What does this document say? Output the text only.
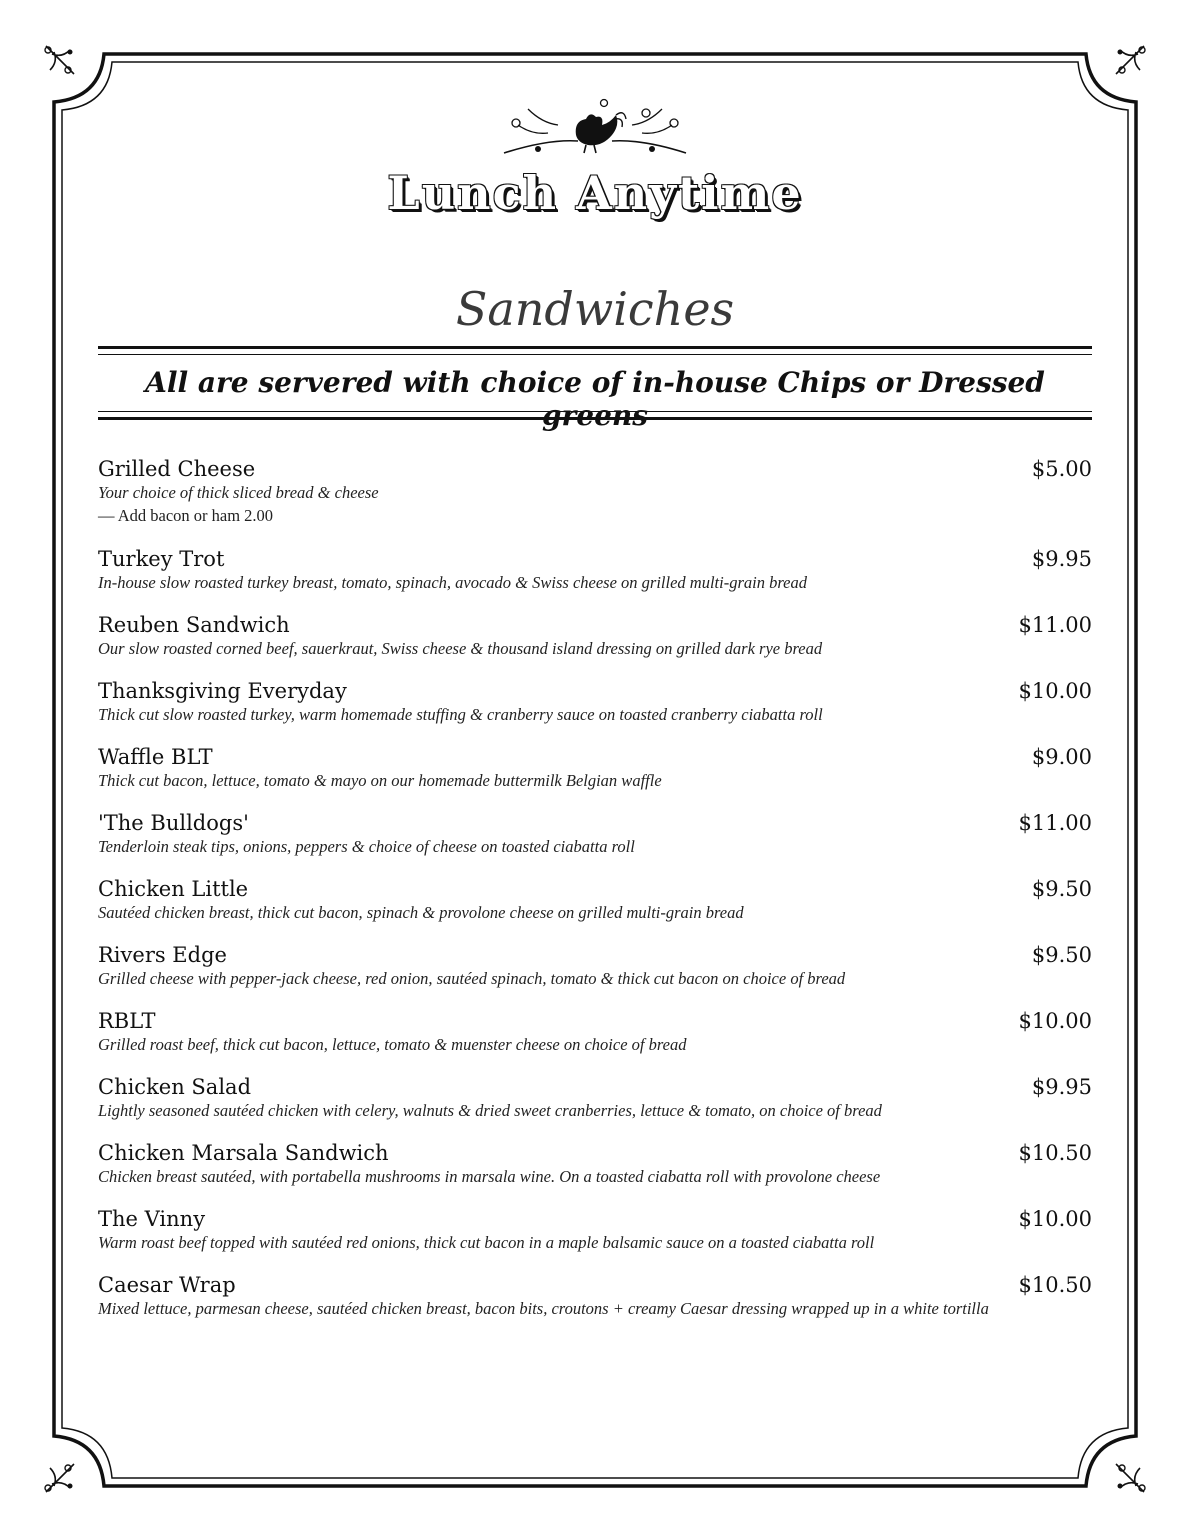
Lunch Anytime
Sandwiches
All are servered with choice of in-house Chips or Dressed greens
Grilled Cheese	$5.00
Your choice of thick sliced bread & cheese
— Add bacon or ham 2.00
Turkey Trot	$9.95
In-house slow roasted turkey breast, tomato, spinach, avocado & Swiss cheese on grilled multi-grain bread
Reuben Sandwich	$11.00
Our slow roasted corned beef, sauerkraut, Swiss cheese & thousand island dressing on grilled dark rye bread
Thanksgiving Everyday	$10.00
Thick cut slow roasted turkey, warm homemade stuffing & cranberry sauce on toasted cranberry ciabatta roll
Waffle BLT	$9.00
Thick cut bacon, lettuce, tomato & mayo on our homemade buttermilk Belgian waffle
'The Bulldogs'	$11.00
Tenderloin steak tips, onions, peppers & choice of cheese on toasted ciabatta roll
Chicken Little	$9.50
Sautéed chicken breast, thick cut bacon, spinach & provolone cheese on grilled multi-grain bread
Rivers Edge	$9.50
Grilled cheese with pepper-jack cheese, red onion, sautéed spinach, tomato & thick cut bacon on choice of bread
RBLT	$10.00
Grilled roast beef, thick cut bacon, lettuce, tomato & muenster cheese on choice of bread
Chicken Salad	$9.95
Lightly seasoned sautéed chicken with celery, walnuts & dried sweet cranberries, lettuce & tomato, on choice of bread
Chicken Marsala Sandwich	$10.50
Chicken breast sautéed, with portabella mushrooms in marsala wine. On a toasted ciabatta roll with provolone cheese
The Vinny	$10.00
Warm roast beef topped with sautéed red onions, thick cut bacon in a maple balsamic sauce on a toasted ciabatta roll
Caesar Wrap	$10.50
Mixed lettuce, parmesan cheese, sautéed chicken breast, bacon bits, croutons + creamy Caesar dressing wrapped up in a white tortilla
